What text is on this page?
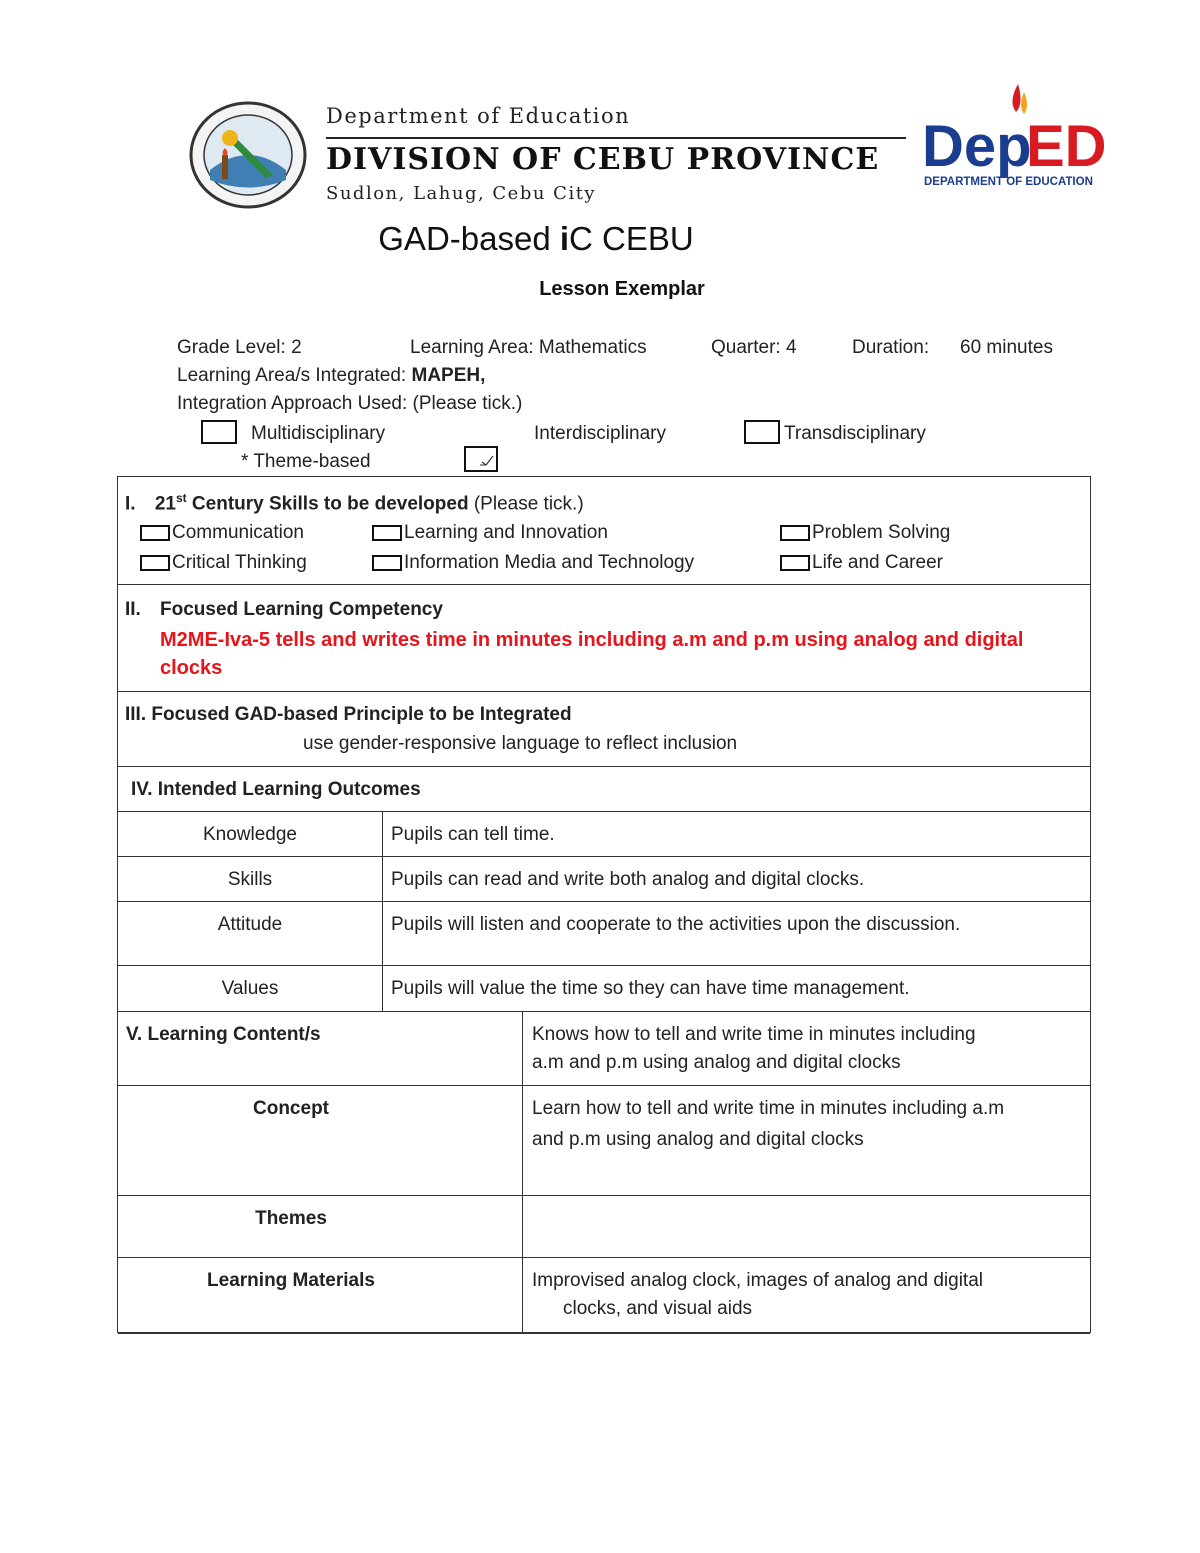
Department of Education
DIVISION OF CEBU PROVINCE
Sudlon, Lahug, Cebu City
Dep
ED
DEPARTMENT OF EDUCATION
GAD-based iC CEBU
Lesson Exemplar
Grade Level: 2	Learning Area: Mathematics	Quarter: 4	Duration: 60 minutes
Learning Area/s Integrated: MAPEH,
Integration Approach Used: (Please tick.)
Multidisciplinary	Interdisciplinary	Transdisciplinary
* Theme-based
I. 21st Century Skills to be developed (Please tick.)
Communication	Learning and Innovation	Problem Solving
Critical Thinking	Information Media and Technology	Life and Career
II. Focused Learning Competency
M2ME-Iva-5 tells and writes time in minutes including a.m and p.m using analog and digital
clocks
III. Focused GAD-based Principle to be Integrated
use gender-responsive language to reflect inclusion
IV. Intended Learning Outcomes
Knowledge	Pupils can tell time.
Skills	Pupils can read and write both analog and digital clocks.
Attitude	Pupils will listen and cooperate to the activities upon the discussion.
Values	Pupils will value the time so they can have time management.
V. Learning Content/s	Knows how to tell and write time in minutes including
a.m and p.m using analog and digital clocks
Concept	Learn how to tell and write time in minutes including a.m
and p.m using analog and digital clocks
Themes
Learning Materials	Improvised analog clock, images of analog and digital
clocks, and visual aids
